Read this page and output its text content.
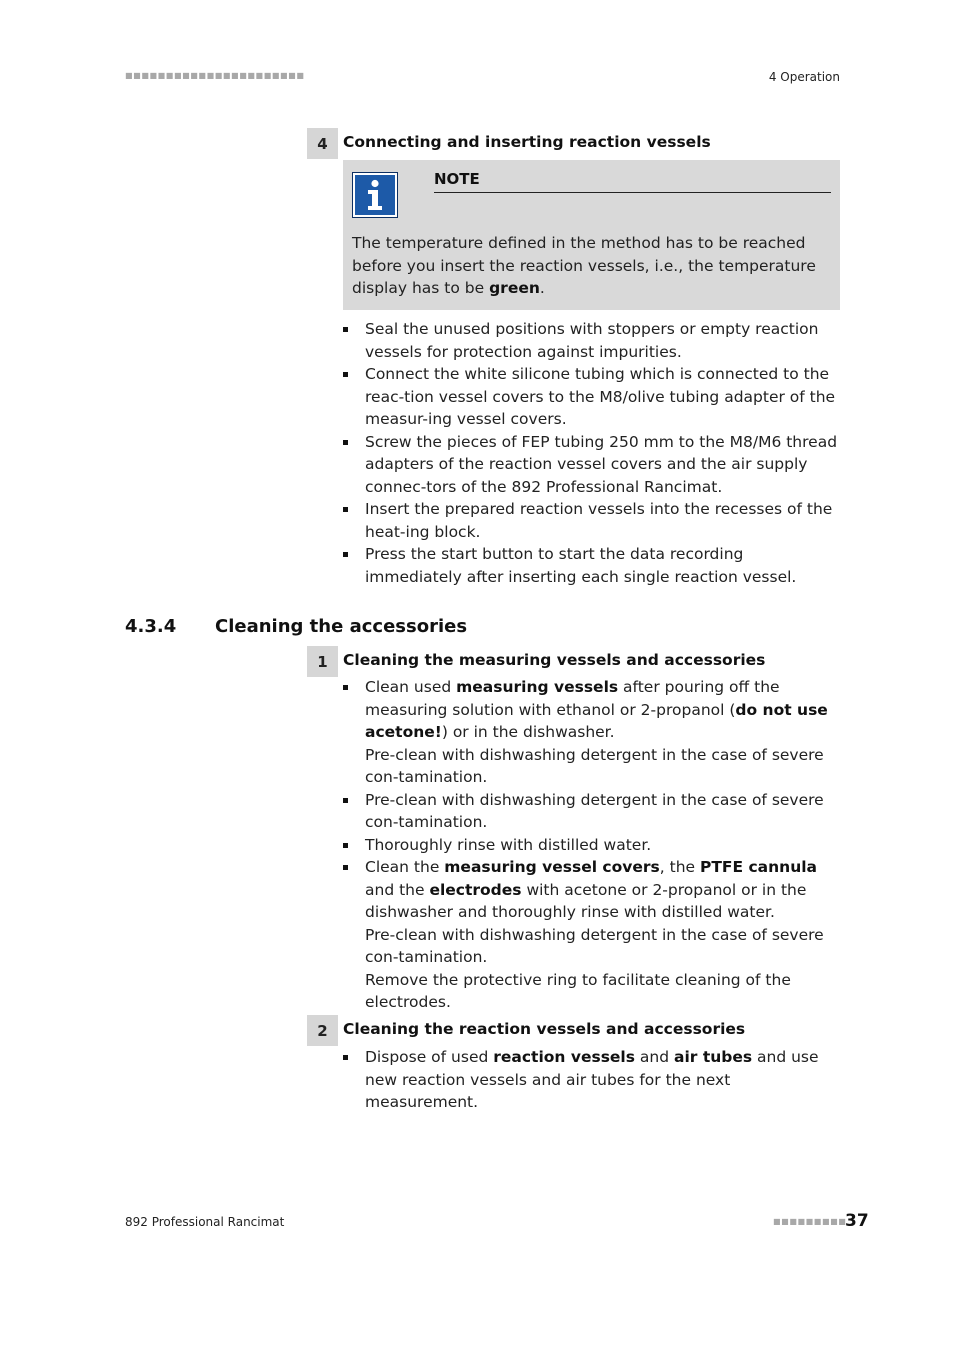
■■■■■■■■■■■■■■■■■■■■■■	4 Operation
4 Connecting and inserting reaction vessels
NOTE
The temperature defined in the method has to be reached before you insert the reaction vessels, i.e., the temperature display has to be green.
Seal the unused positions with stoppers or empty reaction vessels for protection against impurities.
Connect the white silicone tubing which is connected to the reac-tion vessel covers to the M8/olive tubing adapter of the measur-ing vessel covers.
Screw the pieces of FEP tubing 250 mm to the M8/M6 thread adapters of the reaction vessel covers and the air supply connec-tors of the 892 Professional Rancimat.
Insert the prepared reaction vessels into the recesses of the heat-ing block.
Press the start button to start the data recording immediately after inserting each single reaction vessel.
4.3.4 Cleaning the accessories
1 Cleaning the measuring vessels and accessories
Clean used measuring vessels after pouring off the measuring solution with ethanol or 2-propanol (do not use acetone!) or in the dishwasher.
Pre-clean with dishwashing detergent in the case of severe con-tamination.
Pre-clean with dishwashing detergent in the case of severe con-tamination.
Thoroughly rinse with distilled water.
Clean the measuring vessel covers, the PTFE cannula and the electrodes with acetone or 2-propanol or in the dishwasher and thoroughly rinse with distilled water.
Pre-clean with dishwashing detergent in the case of severe con-tamination.
Remove the protective ring to facilitate cleaning of the electrodes.
2 Cleaning the reaction vessels and accessories
Dispose of used reaction vessels and air tubes and use new reaction vessels and air tubes for the next measurement.
892 Professional Rancimat	■■■■■■■■■
37
